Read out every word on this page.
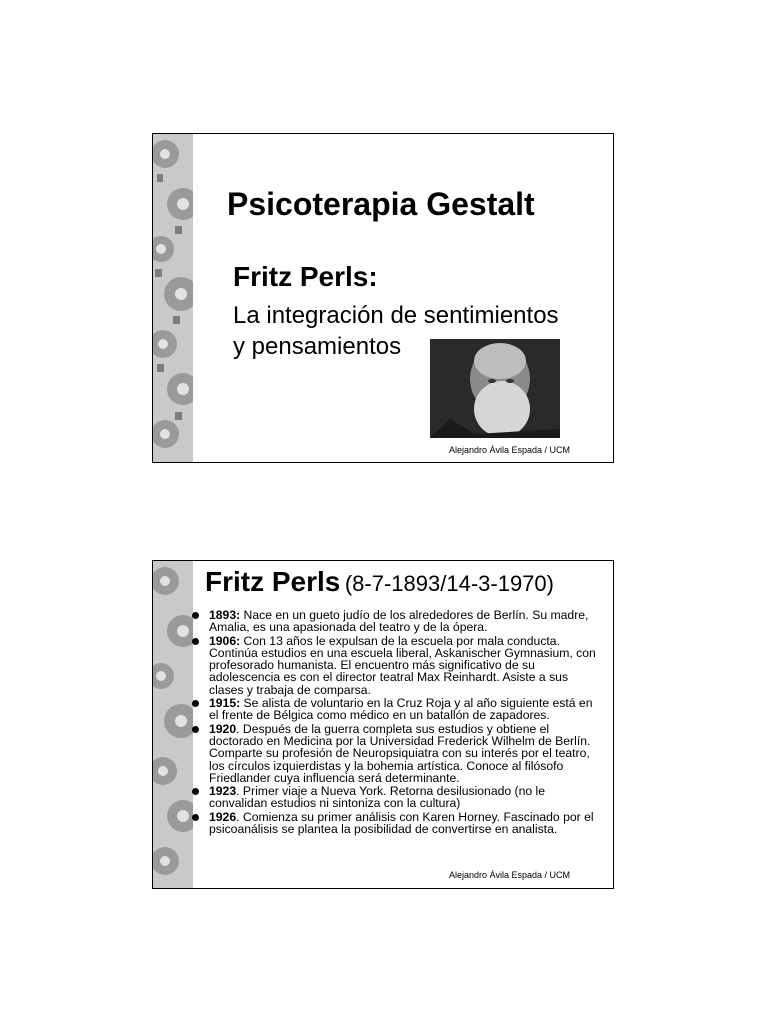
Psicoterapia Gestalt
Fritz Perls:
La integración de sentimientos
y pensamientos
Alejandro Ávila Espada / UCM
Fritz Perls (8-7-1893/14-3-1970)
1893: Nace en un gueto judío de los alrededores de Berlín. Su madre, Amalia, es una apasionada del teatro y de la ópera.
1906: Con 13 años le expulsan de la escuela por mala conducta. Continúa estudios en una escuela liberal, Askanischer Gymnasium, con profesorado humanista. El encuentro más significativo de su adolescencia es con el director teatral Max Reinhardt. Asiste a sus clases y trabaja de comparsa.
1915: Se alista de voluntario en la Cruz Roja y al año siguiente está en el frente de Bélgica como médico en un batallón de zapadores.
1920. Después de la guerra completa sus estudios y obtiene el doctorado en Medicina por la Universidad Frederick Wilhelm de Berlín. Comparte su profesión de Neuropsiquiatra con su interés por el teatro, los círculos izquierdistas y la bohemia artística. Conoce al filósofo Friedlander cuya influencia será determinante.
1923. Primer viaje a Nueva York. Retorna desilusionado (no le convalidan estudios ni sintoniza con la cultura)
1926. Comienza su primer análisis con Karen Horney. Fascinado por el psicoanálisis se plantea la posibilidad de convertirse en analista.
Alejandro Ávila Espada / UCM
